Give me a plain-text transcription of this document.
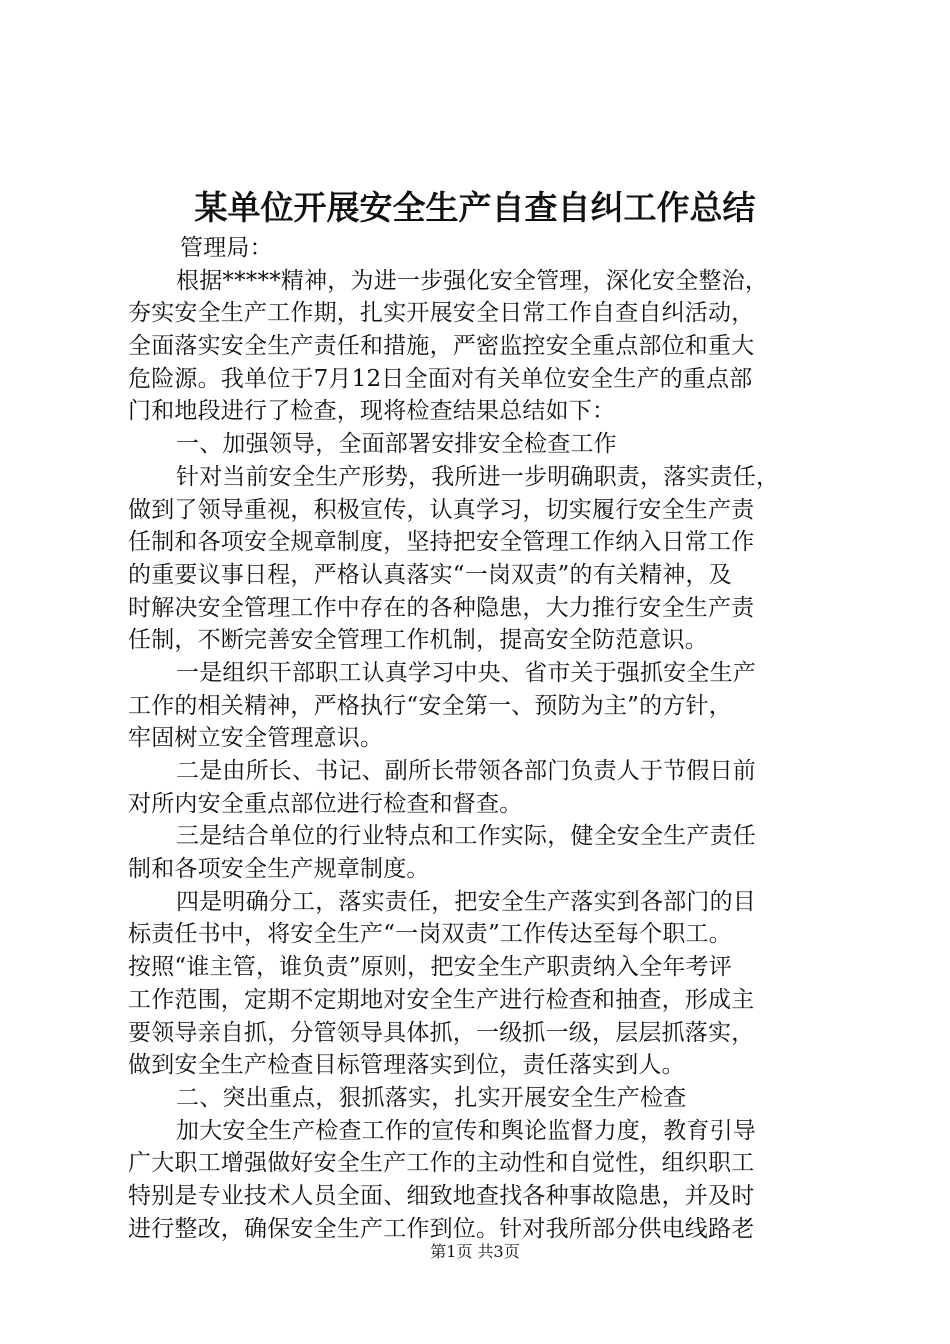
某单位开展安全生产自查自纠工作总结
管理局：
根据*****精神，为进一步强化安全管理，深化安全整治，
夯实安全生产工作期，扎实开展安全日常工作自查自纠活动，
全面落实安全生产责任和措施，严密监控安全重点部位和重大
危险源。我单位于7月12日全面对有关单位安全生产的重点部
门和地段进行了检查，现将检查结果总结如下：
一、加强领导，全面部署安排安全检查工作
针对当前安全生产形势，我所进一步明确职责，落实责任，
做到了领导重视，积极宣传，认真学习，切实履行安全生产责
任制和各项安全规章制度，坚持把安全管理工作纳入日常工作
的重要议事日程，严格认真落实“一岗双责”的有关精神，及
时解决安全管理工作中存在的各种隐患，大力推行安全生产责
任制，不断完善安全管理工作机制，提高安全防范意识。
一是组织干部职工认真学习中央、省市关于强抓安全生产
工作的相关精神，严格执行“安全第一、预防为主”的方针，
牢固树立安全管理意识。
二是由所长、书记、副所长带领各部门负责人于节假日前
对所内安全重点部位进行检查和督查。
三是结合单位的行业特点和工作实际，健全安全生产责任
制和各项安全生产规章制度。
四是明确分工，落实责任，把安全生产落实到各部门的目
标责任书中，将安全生产“一岗双责”工作传达至每个职工。
按照“谁主管，谁负责”原则，把安全生产职责纳入全年考评
工作范围，定期不定期地对安全生产进行检查和抽查，形成主
要领导亲自抓，分管领导具体抓，一级抓一级，层层抓落实，
做到安全生产检查目标管理落实到位，责任落实到人。
二、突出重点，狠抓落实，扎实开展安全生产检查
加大安全生产检查工作的宣传和舆论监督力度，教育引导
广大职工增强做好安全生产工作的主动性和自觉性，组织职工
特别是专业技术人员全面、细致地查找各种事故隐患，并及时
进行整改，确保安全生产工作到位。针对我所部分供电线路老
第1页 共3页
